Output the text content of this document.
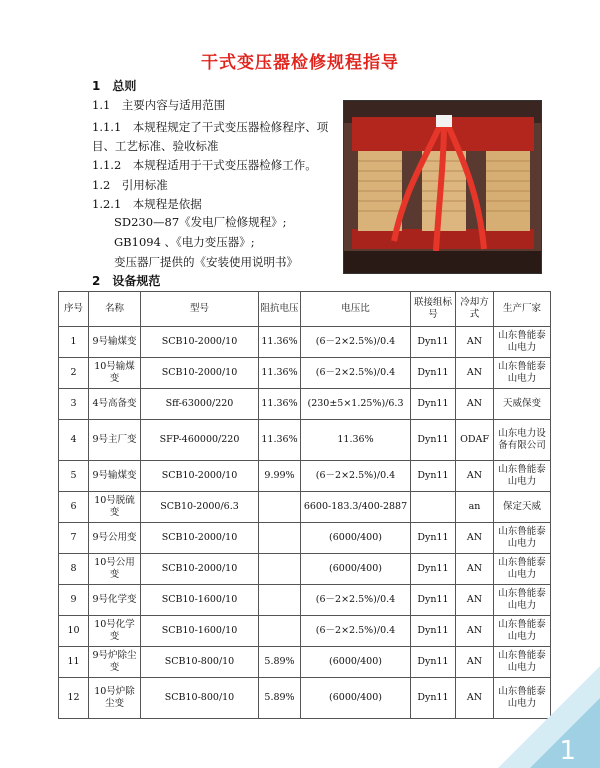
干式变压器检修规程指导
1　总则
1.1　主要内容与适用范围
1.1.1　本规程规定了干式变压器检修程序、项
目、工艺标准、验收标准
1.1.2　本规程适用于干式变压器检修工作。
1.2　引用标准
1.2.1　本规程是依据
SD230—87《发电厂检修规程》;
GB1094 、《电力变压器》;
变压器厂提供的《安装使用说明书》
2　设备规范
序号	名称	型号	阻抗电压	电压比	联接组标号	冷却方式	生产厂家
1	9号输煤变	SCB10-2000/10	11.36%	(6－2×2.5%)/0.4	Dyn11	AN	山东鲁能泰山电力
2	10号输煤变	SCB10-2000/10	11.36%	(6－2×2.5%)/0.4	Dyn11	AN	山东鲁能泰山电力
3	4号高备变	Sff-63000/220	11.36%	(230±5×1.25%)/6.3	Dyn11	AN	天威保变
4	9号主厂变	SFP-460000/220	11.36%	11.36%	Dyn11	ODAF	山东电力设备有限公司
5	9号输煤变	SCB10-2000/10	9.99%	(6－2×2.5%)/0.4	Dyn11	AN	山东鲁能泰山电力
6	10号脱硫变	SCB10-2000/6.3		6600-183.3/400-2887		an	保定天威
7	9号公用变	SCB10-2000/10		(6000/400)	Dyn11	AN	山东鲁能泰山电力
8	10号公用变	SCB10-2000/10		(6000/400)	Dyn11	AN	山东鲁能泰山电力
9	9号化学变	SCB10-1600/10		(6－2×2.5%)/0.4	Dyn11	AN	山东鲁能泰山电力
10	10号化学变	SCB10-1600/10		(6－2×2.5%)/0.4	Dyn11	AN	山东鲁能泰山电力
11	9号炉除尘变	SCB10-800/10	5.89%	(6000/400)	Dyn11	AN	山东鲁能泰山电力
12	10号炉除尘变	SCB10-800/10	5.89%	(6000/400)	Dyn11	AN	山东鲁能泰山电力
1
